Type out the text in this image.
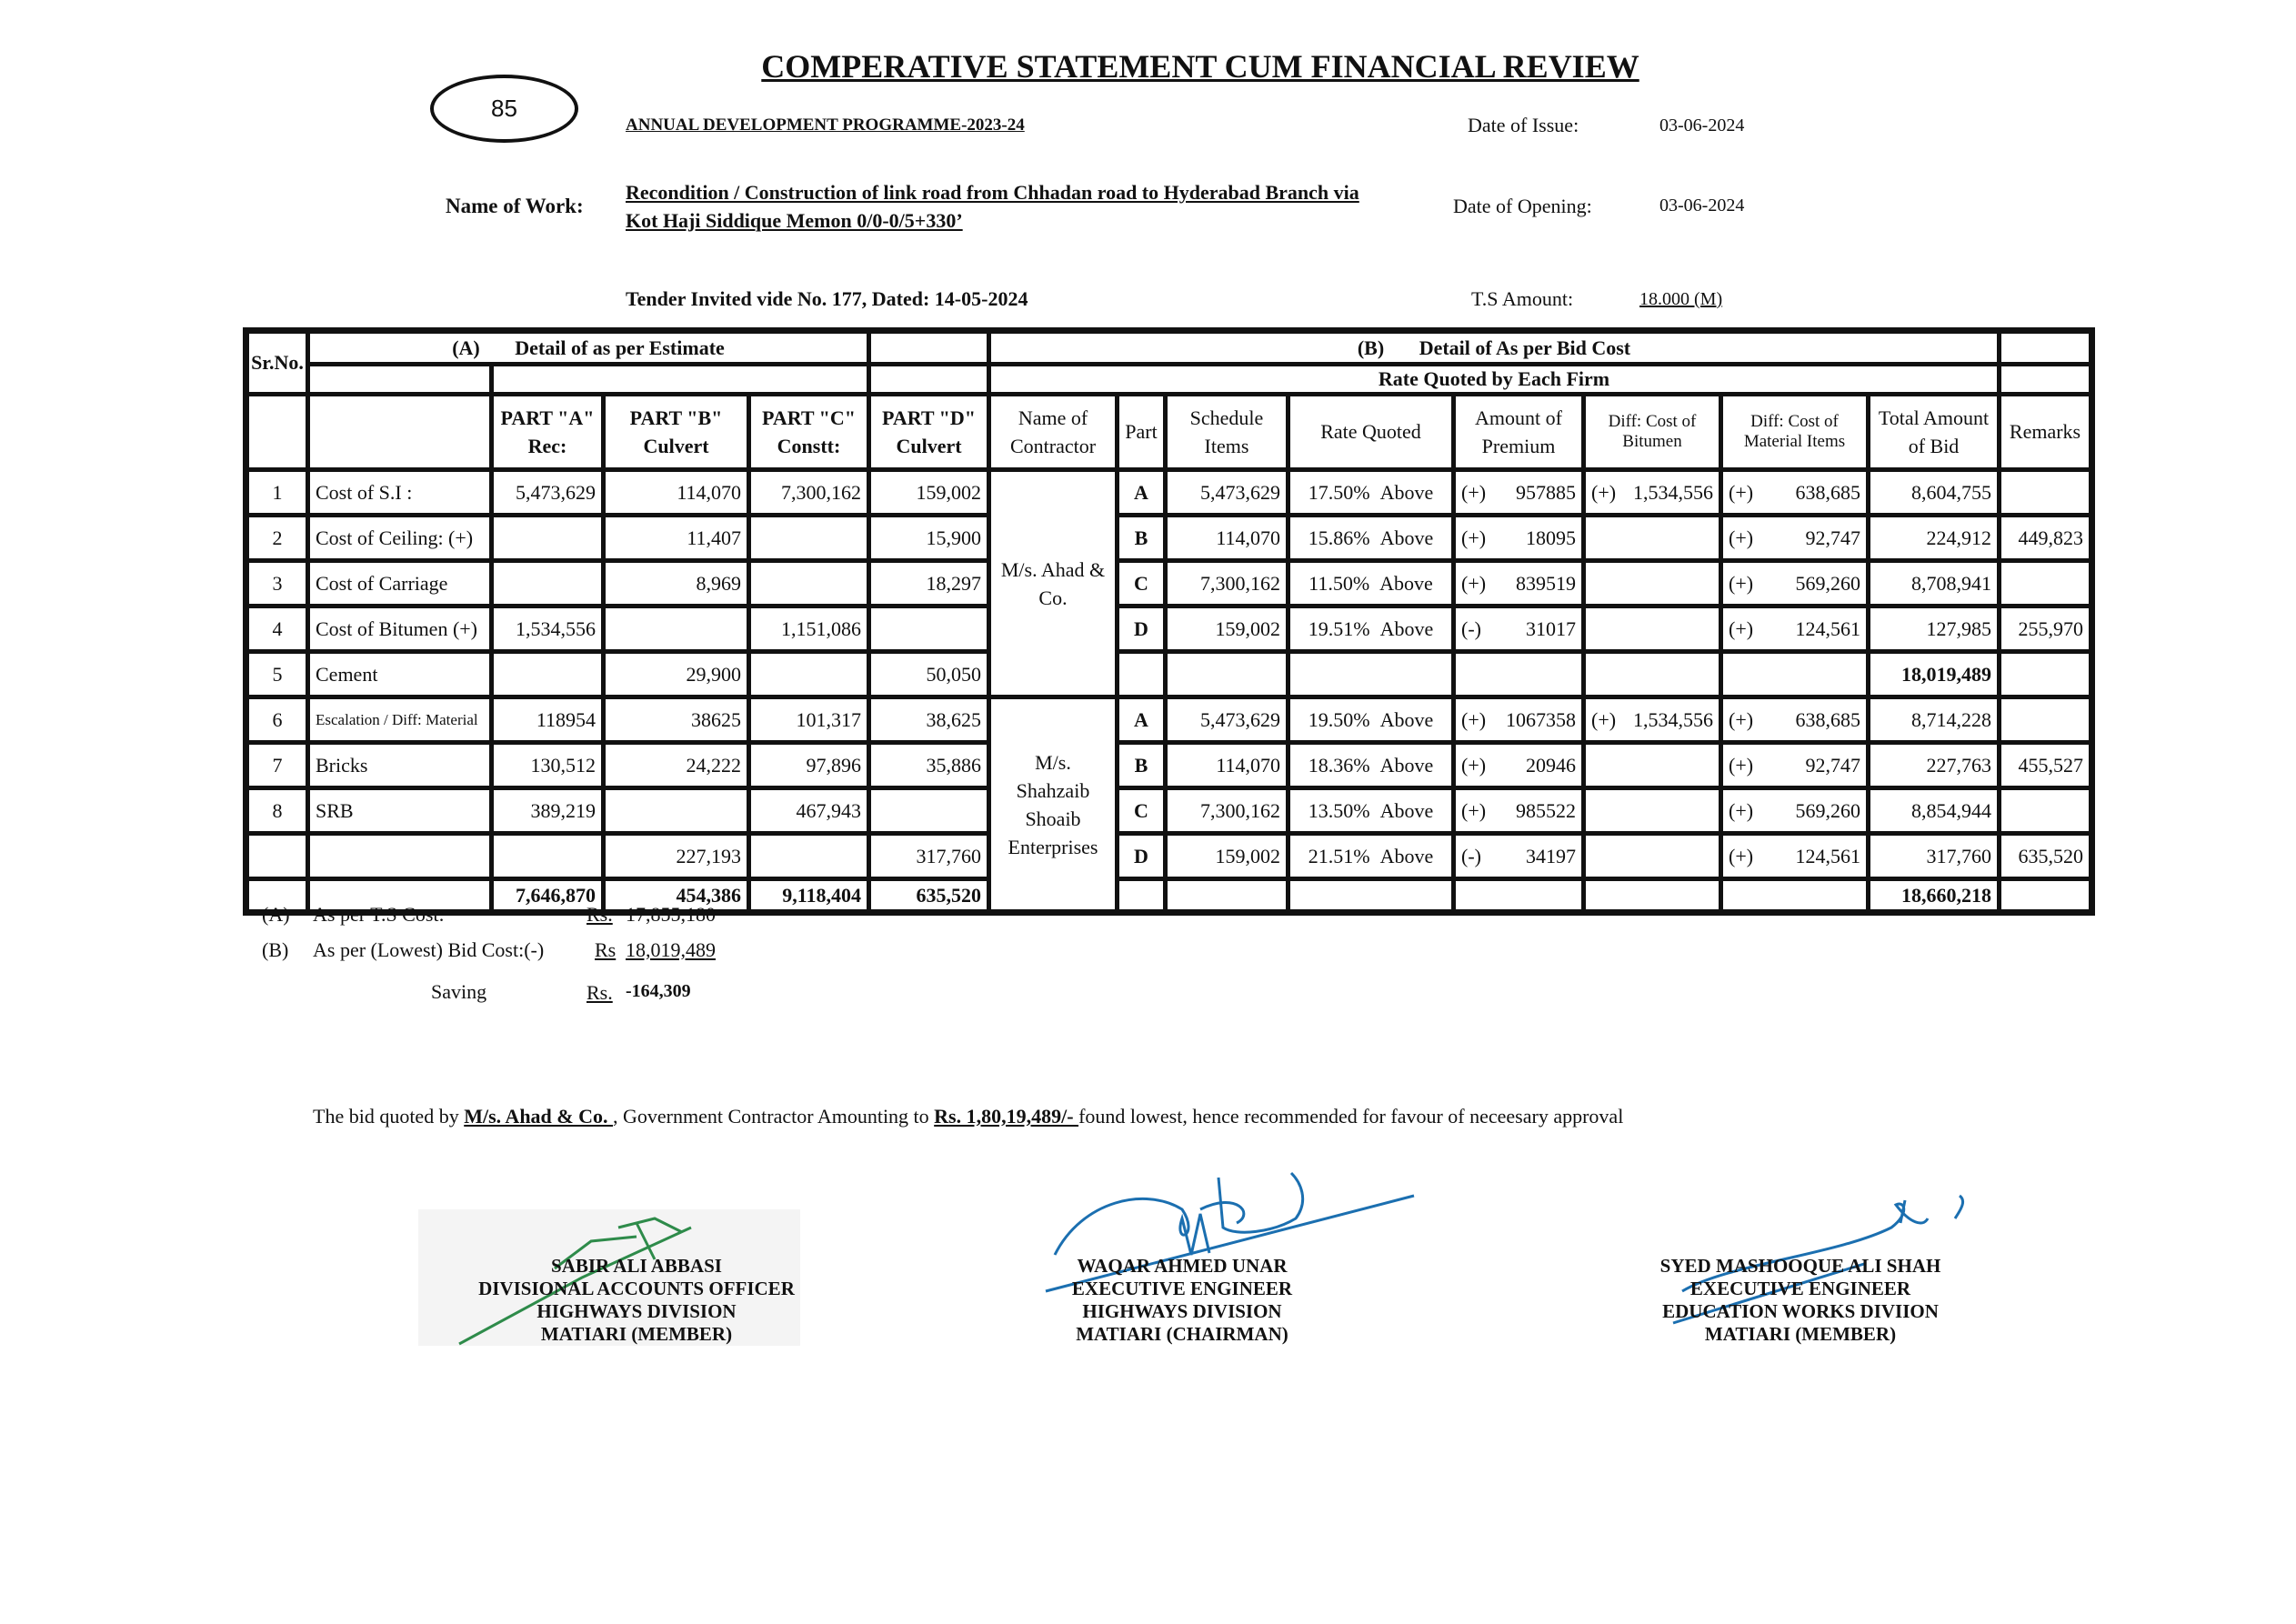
COMPERATIVE STATEMENT CUM FINANCIAL REVIEW
85
ANNUAL DEVELOPMENT PROGRAMME-2023-24	Date of Issue:	03-06-2024
Name of Work:
Recondition / Construction of link road from Chhadan road to Hyderabad Branch via Kot Haji Siddique Memon 0/0-0/5+330’
Date of Opening:	03-06-2024
Tender Invited vide No. 177, Dated: 14-05-2024	T.S Amount:	18.000 (M)
Sr.No.	(A) Detail of as per Estimate					(B) Detail of As per Bid Cost								
						Rate Quoted by Each Firm								
		PART "A" Rec:	PART "B" Culvert	PART "C" Constt:	PART "D" Culvert	Name of Contractor	Part	Schedule Items	Rate Quoted	Amount of Premium	Diff: Cost of Bitumen	Diff: Cost of Material Items	Total Amount of Bid	Remarks
1	Cost of S.I :	5,473,629	114,070	7,300,162	159,002	M/s. Ahad & Co.	A	5,473,629	17.50% Above	(+) 957885	(+) 1,534,556	(+) 638,685	8,604,755	
2	Cost of Ceiling: (+)		11,407		15,900		B	114,070	15.86% Above	(+) 18095		(+) 92,747	224,912	449,823
3	Cost of Carriage		8,969		18,297		C	7,300,162	11.50% Above	(+) 839519		(+) 569,260	8,708,941	
4	Cost of Bitumen (+)	1,534,556		1,151,086			D	159,002	19.51% Above	(-) 31017		(+) 124,561	127,985	255,970
5	Cement		29,900		50,050								18,019,489	
6	Escalation / Diff: Material	118954	38625	101,317	38,625	M/s. Shahzaib Shoaib Enterprises	A	5,473,629	19.50% Above	(+) 1067358	(+) 1,534,556	(+) 638,685	8,714,228	
7	Bricks	130,512	24,222	97,896	35,886		B	114,070	18.36% Above	(+) 20946		(+) 92,747	227,763	455,527
8	SRB	389,219		467,943			C	7,300,162	13.50% Above	(+) 985522		(+) 569,260	8,854,944	
			227,193		317,760		D	159,002	21.51% Above	(-) 34197		(+) 124,561	317,760	635,520
		7,646,870	454,386	9,118,404	635,520								18,660,218	
(A) As per T.S Cost:	Rs. 17,855,180
(B) As per (Lowest) Bid Cost:(-)	Rs 18,019,489
Saving	Rs. -164,309
The bid quoted by M/s. Ahad & Co. , Government Contractor Amounting to Rs. 1,80,19,489/- found lowest, hence recommended for favour of neceesary approval
SABIR ALI ABBASI
DIVISIONAL ACCOUNTS OFFICER
HIGHWAYS DIVISION
MATIARI (MEMBER)
WAQAR AHMED UNAR
EXECUTIVE ENGINEER
HIGHWAYS DIVISION
MATIARI (CHAIRMAN)
SYED MASHOOQUE ALI SHAH
EXECUTIVE ENGINEER
EDUCATION WORKS DIVIION
MATIARI (MEMBER)
